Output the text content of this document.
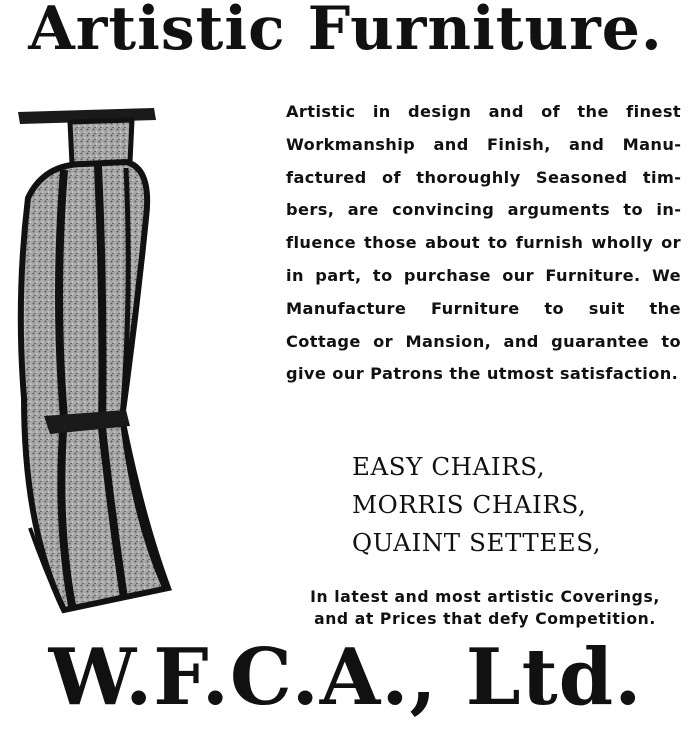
Artistic Furniture.
Artistic in design and of the finest Workmanship and Finish, and Manufactured of thoroughly Seasoned timbers, are convincing arguments to influence those about to furnish wholly or in part, to purchase our Furniture. We Manufacture Furniture to suit the Cottage or Mansion, and guarantee to give our Patrons the utmost satisfaction.
EASY CHAIRS,
MORRIS CHAIRS,
QUAINT SETTEES,
In latest and most artistic Coverings,
and at Prices that defy Competition.
W.F.C.A., Ltd.
